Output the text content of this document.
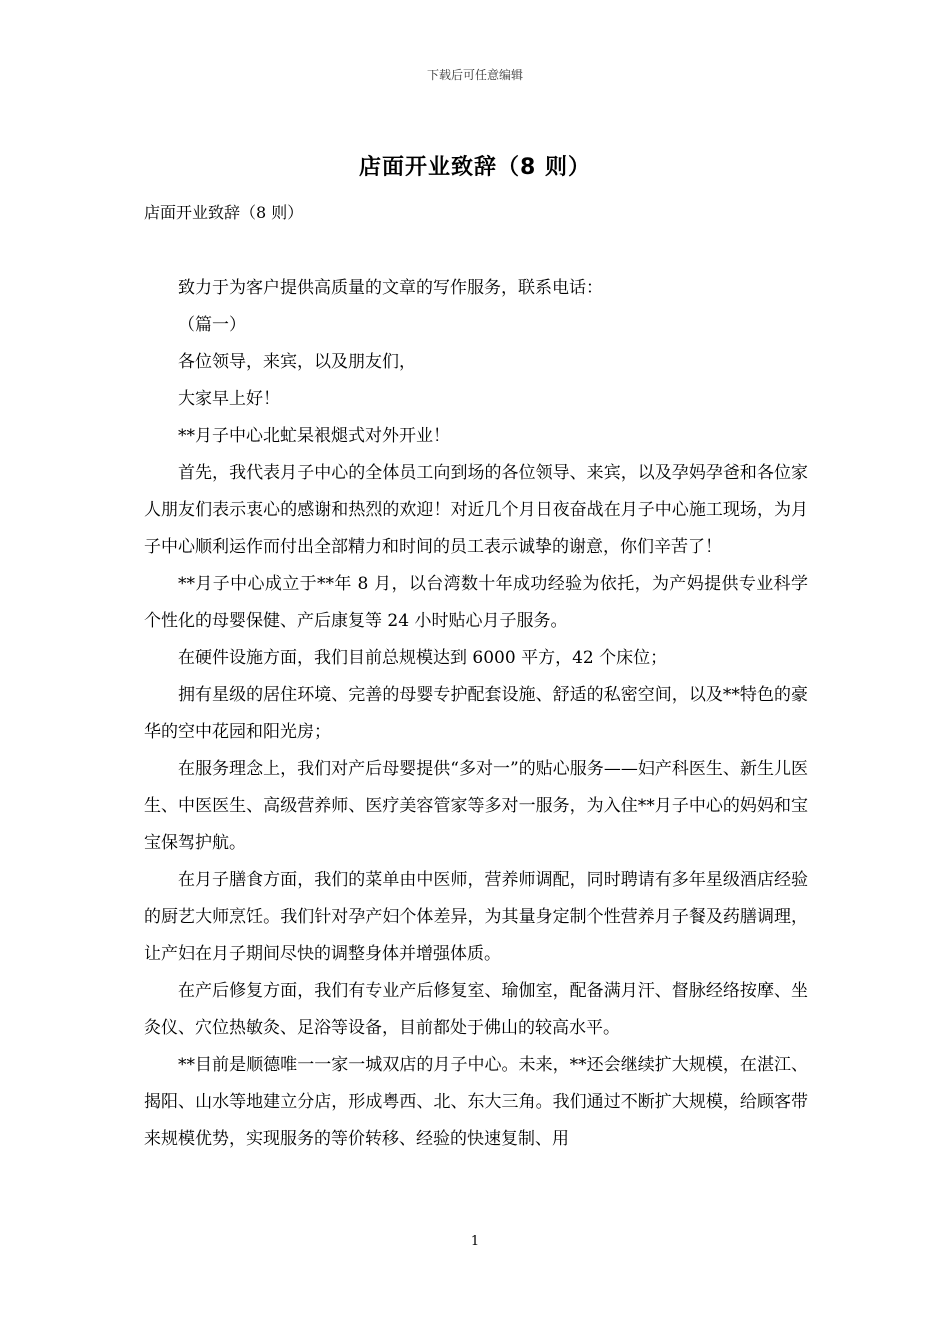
下载后可任意编辑
店面开业致辞（8 则）
店面开业致辞（8 则）

致力于为客户提供高质量的文章的写作服务，联系电话：

（篇一）

各位领导，来宾，以及朋友们，

大家早上好！

**月子中心北虻杲裉煺式对外开业！

首先，我代表月子中心的全体员工向到场的各位领导、来宾，以及孕妈孕爸和各位家人朋友们表示衷心的感谢和热烈的欢迎！对近几个月日夜奋战在月子中心施工现场，为月子中心顺利运作而付出全部精力和时间的员工表示诚挚的谢意，你们辛苦了！

**月子中心成立于**年 8 月，以台湾数十年成功经验为依托，为产妈提供专业科学个性化的母婴保健、产后康复等 24 小时贴心月子服务。

在硬件设施方面，我们目前总规模达到 6000 平方，42 个床位；

拥有星级的居住环境、完善的母婴专护配套设施、舒适的私密空间，以及**特色的豪华的空中花园和阳光房；

在服务理念上，我们对产后母婴提供“多对一”的贴心服务——妇产科医生、新生儿医生、中医医生、高级营养师、医疗美容管家等多对一服务，为入住**月子中心的妈妈和宝宝保驾护航。

在月子膳食方面，我们的菜单由中医师，营养师调配，同时聘请有多年星级酒店经验的厨艺大师烹饪。我们针对孕产妇个体差异，为其量身定制个性营养月子餐及药膳调理，让产妇在月子期间尽快的调整身体并增强体质。

在产后修复方面，我们有专业产后修复室、瑜伽室，配备满月汗、督脉经络按摩、坐灸仪、穴位热敏灸、足浴等设备，目前都处于佛山的较高水平。

**目前是顺德唯一一家一城双店的月子中心。未来，**还会继续扩大规模，在湛江、揭阳、山水等地建立分店，形成粤西、北、东大三角。我们通过不断扩大规模，给顾客带来规模优势，实现服务的等价转移、经验的快速复制、用

1
